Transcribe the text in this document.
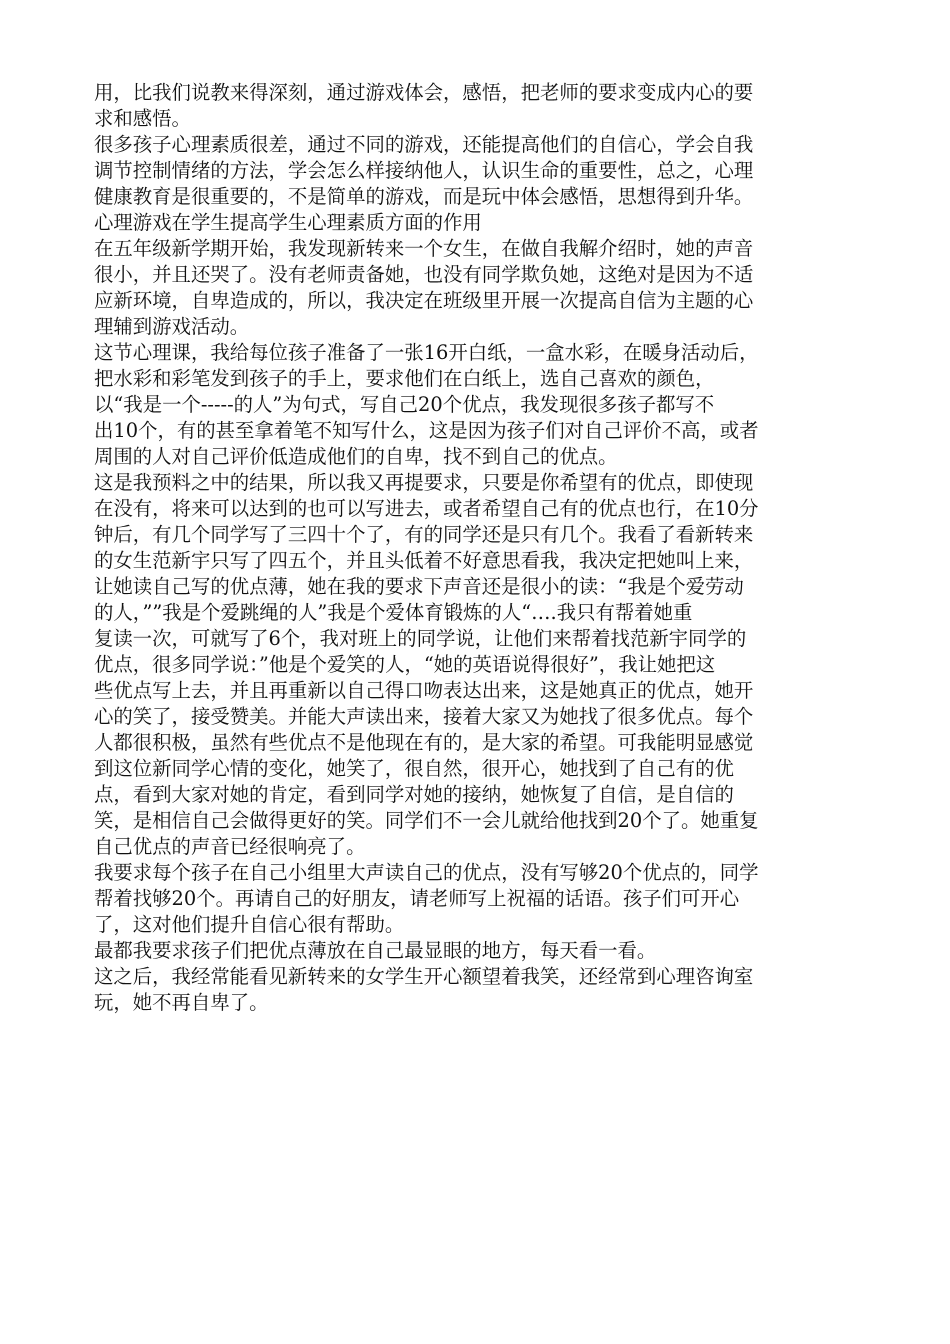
用，比我们说教来得深刻，通过游戏体会，感悟，把老师的要求变成内心的要
求和感悟。

很多孩子心理素质很差，通过不同的游戏，还能提高他们的自信心，学会自我
调节控制情绪的方法，学会怎么样接纳他人，认识生命的重要性，总之，心理
健康教育是很重要的，不是简单的游戏，而是玩中体会感悟，思想得到升华。

心理游戏在学生提高学生心理素质方面的作用

在五年级新学期开始，我发现新转来一个女生，在做自我解介绍时，她的声音
很小，并且还哭了。没有老师责备她，也没有同学欺负她，这绝对是因为不适
应新环境，自卑造成的，所以，我决定在班级里开展一次提高自信为主题的心
理辅到游戏活动。

这节心理课，我给每位孩子准备了一张16开白纸，一盒水彩，在暖身活动后，
把水彩和彩笔发到孩子的手上，要求他们在白纸上，选自己喜欢的颜色，
以“我是一个-----的人”为句式，写自己20个优点，我发现很多孩子都写不
出10个，有的甚至拿着笔不知写什么，这是因为孩子们对自己评价不高，或者
周围的人对自己评价低造成他们的自卑，找不到自己的优点。

这是我预料之中的结果，所以我又再提要求，只要是你希望有的优点，即使现
在没有，将来可以达到的也可以写进去，或者希望自己有的优点也行，在10分
钟后，有几个同学写了三四十个了，有的同学还是只有几个。我看了看新转来
的女生范新宇只写了四五个，并且头低着不好意思看我，我决定把她叫上来，
让她读自己写的优点薄，她在我的要求下声音还是很小的读：“我是个爱劳动
的人，””我是个爱跳绳的人”我是个爱体育锻炼的人“….我只有帮着她重
复读一次，可就写了6个，我对班上的同学说，让他们来帮着找范新宇同学的
优点，很多同学说：”他是个爱笑的人，“她的英语说得很好”，我让她把这
些优点写上去，并且再重新以自己得口吻表达出来，这是她真正的优点，她开
心的笑了，接受赞美。并能大声读出来，接着大家又为她找了很多优点。每个
人都很积极，虽然有些优点不是他现在有的，是大家的希望。可我能明显感觉
到这位新同学心情的变化，她笑了，很自然，很开心，她找到了自己有的优
点，看到大家对她的肯定，看到同学对她的接纳，她恢复了自信，是自信的
笑，是相信自己会做得更好的笑。同学们不一会儿就给他找到20个了。她重复
自己优点的声音已经很响亮了。

我要求每个孩子在自己小组里大声读自己的优点，没有写够20个优点的，同学
帮着找够20个。再请自己的好朋友，请老师写上祝福的话语。孩子们可开心
了，这对他们提升自信心很有帮助。

最都我要求孩子们把优点薄放在自己最显眼的地方，每天看一看。

这之后，我经常能看见新转来的女学生开心额望着我笑，还经常到心理咨询室
玩，她不再自卑了。
